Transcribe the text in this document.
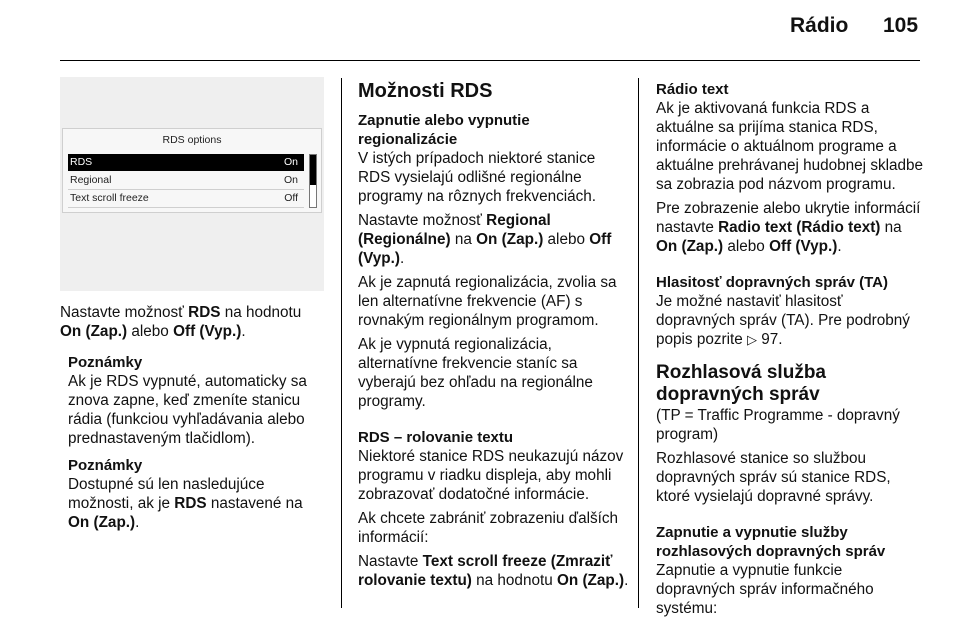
Rádio 105
RDS options
RDS	On
Regional	On
Text scroll freeze	Off

Nastavte možnosť RDS na hodnotu
On (Zap.) alebo Off (Vyp.).

Poznámky

Ak je RDS vypnuté, automaticky sa znova zapne, keď zmeníte stanicu rádia (funkciou vyhľadávania alebo prednastaveným tlačidlom).

Poznámky

Dostupné sú len nasledujúce možnosti, ak je RDS nastavené na
On (Zap.).

Možnosti RDS
Zapnutie alebo vypnutie regionalizácie

V istých prípadoch niektoré stanice RDS vysielajú odlišné regionálne programy na rôznych frekvenciách.

Nastavte možnosť Regional (Regionálne) na On (Zap.) alebo Off (Vyp.).

Ak je zapnutá regionalizácia, zvolia sa len alternatívne frekvencie (AF) s rovnakým regionálnym programom.

Ak je vypnutá regionalizácia, alternatívne frekvencie staníc sa vyberajú bez ohľadu na regionálne programy.

RDS – rolovanie textu

Niektoré stanice RDS neukazujú názov programu v riadku displeja, aby mohli zobrazovať dodatočné informácie.

Ak chcete zabrániť zobrazeniu ďalších informácií:

Nastavte Text scroll freeze (Zmraziť rolovanie textu) na hodnotu On (Zap.).

Rádio text

Ak je aktivovaná funkcia RDS a aktuálne sa prijíma stanica RDS, informácie o aktuálnom programe a aktuálne prehrávanej hudobnej skladbe sa zobrazia pod názvom programu.

Pre zobrazenie alebo ukrytie informácií nastavte Radio text (Rádio text) na On (Zap.) alebo Off (Vyp.).

Hlasitosť dopravných správ (TA)

Je možné nastaviť hlasitosť dopravných správ (TA). Pre podrobný popis pozrite ▷ 97.

Rozhlasová služba dopravných správ

(TP = Traffic Programme - dopravný program)

Rozhlasové stanice so službou dopravných správ sú stanice RDS, ktoré vysielajú dopravné správy.

Zapnutie a vypnutie služby rozhlasových dopravných správ

Zapnutie a vypnutie funkcie dopravných správ informačného systému:
